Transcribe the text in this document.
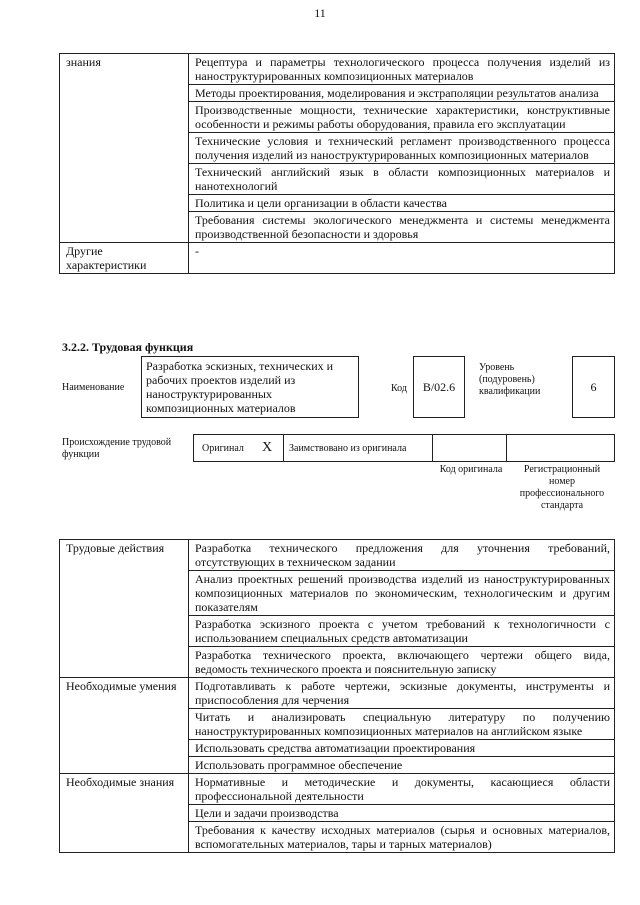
11
знания	Рецептура и параметры технологического процесса получения изделий из наноструктурированных композиционных материалов
	Методы проектирования, моделирования и экстраполяции результатов анализа
	Производственные мощности, технические характеристики, конструктивные особенности и режимы работы оборудования, правила его эксплуатации
	Технические условия и технический регламент производственного процесса получения изделий из наноструктурированных композиционных материалов
	Технический английский язык в области композиционных материалов и нанотехнологий
	Политика и цели организации в области качества
	Требования системы экологического менеджмента и системы менеджмента производственной безопасности и здоровья
Другие характеристики	-
3.2.2. Трудовая функция
Наименование
Разработка эскизных, технических и рабочих проектов изделий из наноструктурированных композиционных материалов
Код B/02.6
Уровень (подуровень) квалификации	6
Происхождение трудовой функции
Оригинал X Заимствовано из оригинала
Код оригинала	Регистрационный номер профессионального стандарта
Трудовые действия	Разработка технического предложения для уточнения требований, отсутствующих в техническом задании
	Анализ проектных решений производства изделий из наноструктурированных композиционных материалов по экономическим, технологическим и другим показателям
	Разработка эскизного проекта с учетом требований к технологичности с использованием специальных средств автоматизации
	Разработка технического проекта, включающего чертежи общего вида, ведомость технического проекта и пояснительную записку
Необходимые умения	Подготавливать к работе чертежи, эскизные документы, инструменты и приспособления для черчения
	Читать и анализировать специальную литературу по получению наноструктурированных композиционных материалов на английском языке
	Использовать средства автоматизации проектирования
	Использовать программное обеспечение
Необходимые знания	Нормативные и методические и документы, касающиеся области профессиональной деятельности
	Цели и задачи производства
	Требования к качеству исходных материалов (сырья и основных материалов, вспомогательных материалов, тары и тарных материалов)
